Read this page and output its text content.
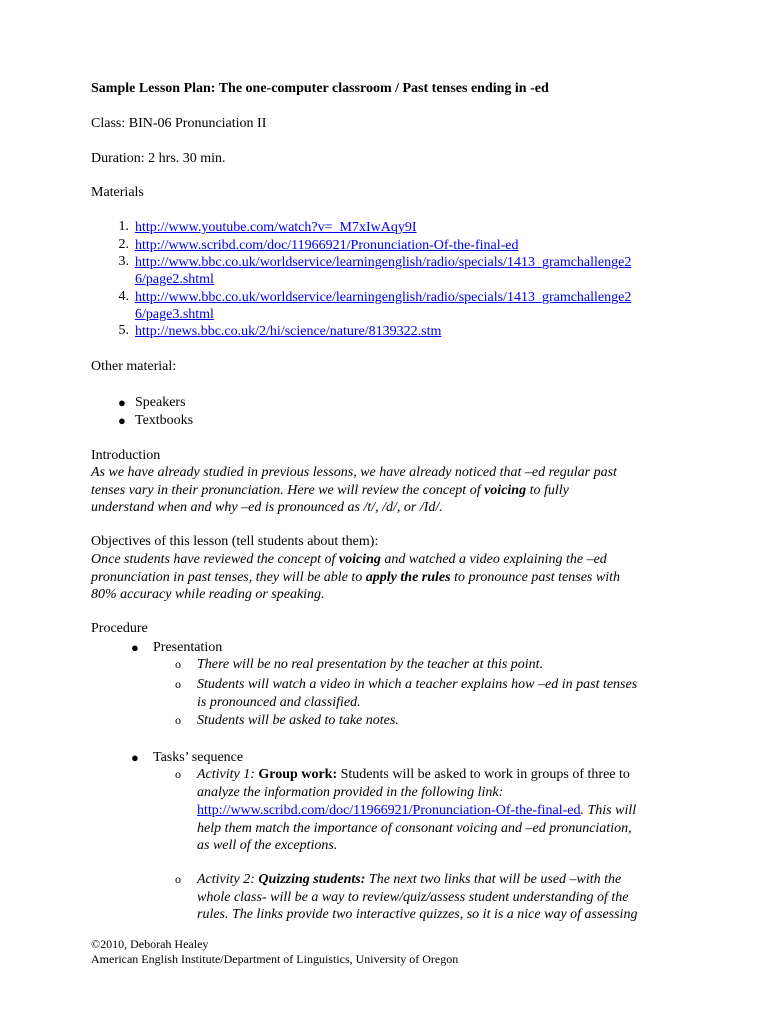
Sample Lesson Plan: The one-computer classroom / Past tenses ending in -ed
Class: BIN-06 Pronunciation II
Duration: 2 hrs. 30 min.
Materials
1. http://www.youtube.com/watch?v=_M7xIwAqy9I
2. http://www.scribd.com/doc/11966921/Pronunciation-Of-the-final-ed
3. http://www.bbc.co.uk/worldservice/learningenglish/radio/specials/1413_gramchallenge2
6/page2.shtml
4. http://www.bbc.co.uk/worldservice/learningenglish/radio/specials/1413_gramchallenge2
6/page3.shtml
5. http://news.bbc.co.uk/2/hi/science/nature/8139322.stm
Other material:
● Speakers
● Textbooks
Introduction
As we have already studied in previous lessons, we have already noticed that –ed regular past
tenses vary in their pronunciation. Here we will review the concept of voicing to fully
understand when and why –ed is pronounced as /t/, /d/, or /Id/.
Objectives of this lesson (tell students about them):
Once students have reviewed the concept of voicing and watched a video explaining the –ed
pronunciation in past tenses, they will be able to apply the rules to pronounce past tenses with
80% accuracy while reading or speaking.
Procedure
● Presentation
o There will be no real presentation by the teacher at this point.
o Students will watch a video in which a teacher explains how –ed in past tenses
is pronounced and classified.
o Students will be asked to take notes.
● Tasks’ sequence
o Activity 1: Group work: Students will be asked to work in groups of three to
analyze the information provided in the following link:
http://www.scribd.com/doc/11966921/Pronunciation-Of-the-final-ed. This will
help them match the importance of consonant voicing and –ed pronunciation,
as well of the exceptions.
o Activity 2: Quizzing students: The next two links that will be used –with the
whole class- will be a way to review/quiz/assess student understanding of the
rules. The links provide two interactive quizzes, so it is a nice way of assessing
©2010, Deborah Healey
American English Institute/Department of Linguistics, University of Oregon
